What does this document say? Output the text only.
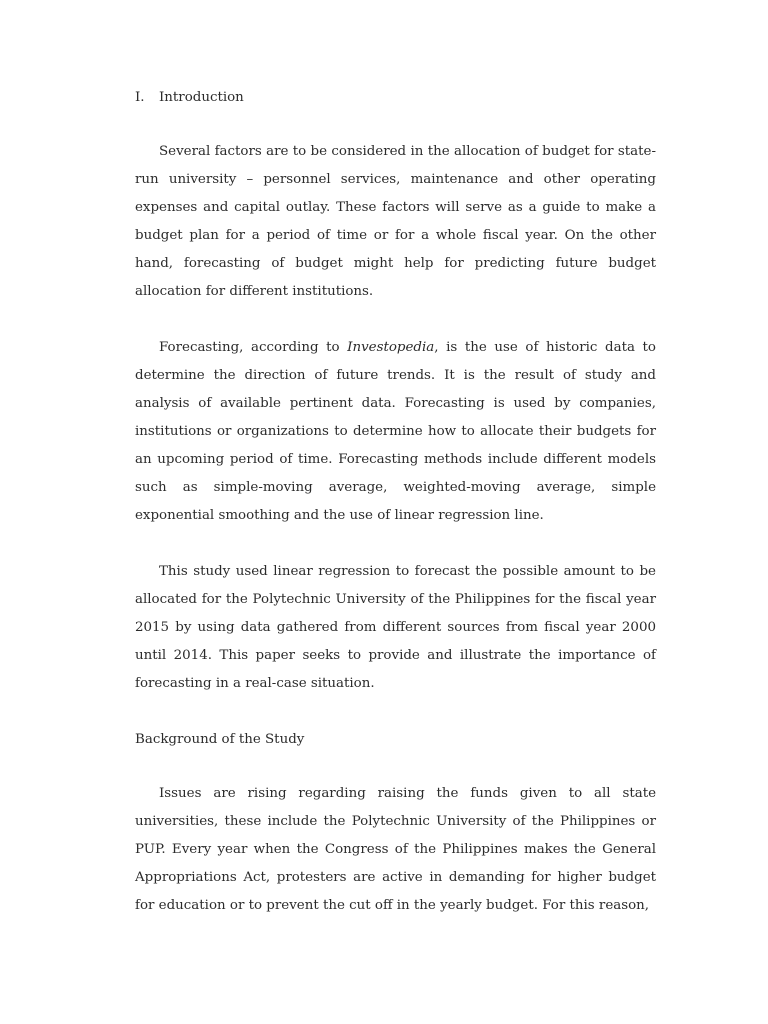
I. Introduction

Several factors are to be considered in the allocation of budget for state-run university – personnel services, maintenance and other operating expenses and capital outlay. These factors will serve as a guide to make a budget plan for a period of time or for a whole fiscal year. On the other hand, forecasting of budget might help for predicting future budget allocation for different institutions.

Forecasting, according to Investopedia, is the use of historic data to determine the direction of future trends. It is the result of study and analysis of available pertinent data. Forecasting is used by companies, institutions or organizations to determine how to allocate their budgets for an upcoming period of time. Forecasting methods include different models such as simple-moving average, weighted-moving average, simple exponential smoothing and the use of linear regression line.

This study used linear regression to forecast the possible amount to be allocated for the Polytechnic University of the Philippines for the fiscal year 2015 by using data gathered from different sources from fiscal year 2000 until 2014. This paper seeks to provide and illustrate the importance of forecasting in a real-case situation.

Background of the Study

Issues are rising regarding raising the funds given to all state universities, these include the Polytechnic University of the Philippines or PUP. Every year when the Congress of the Philippines makes the General Appropriations Act, protesters are active in demanding for higher budget for education or to prevent the cut off in the yearly budget. For this reason,
